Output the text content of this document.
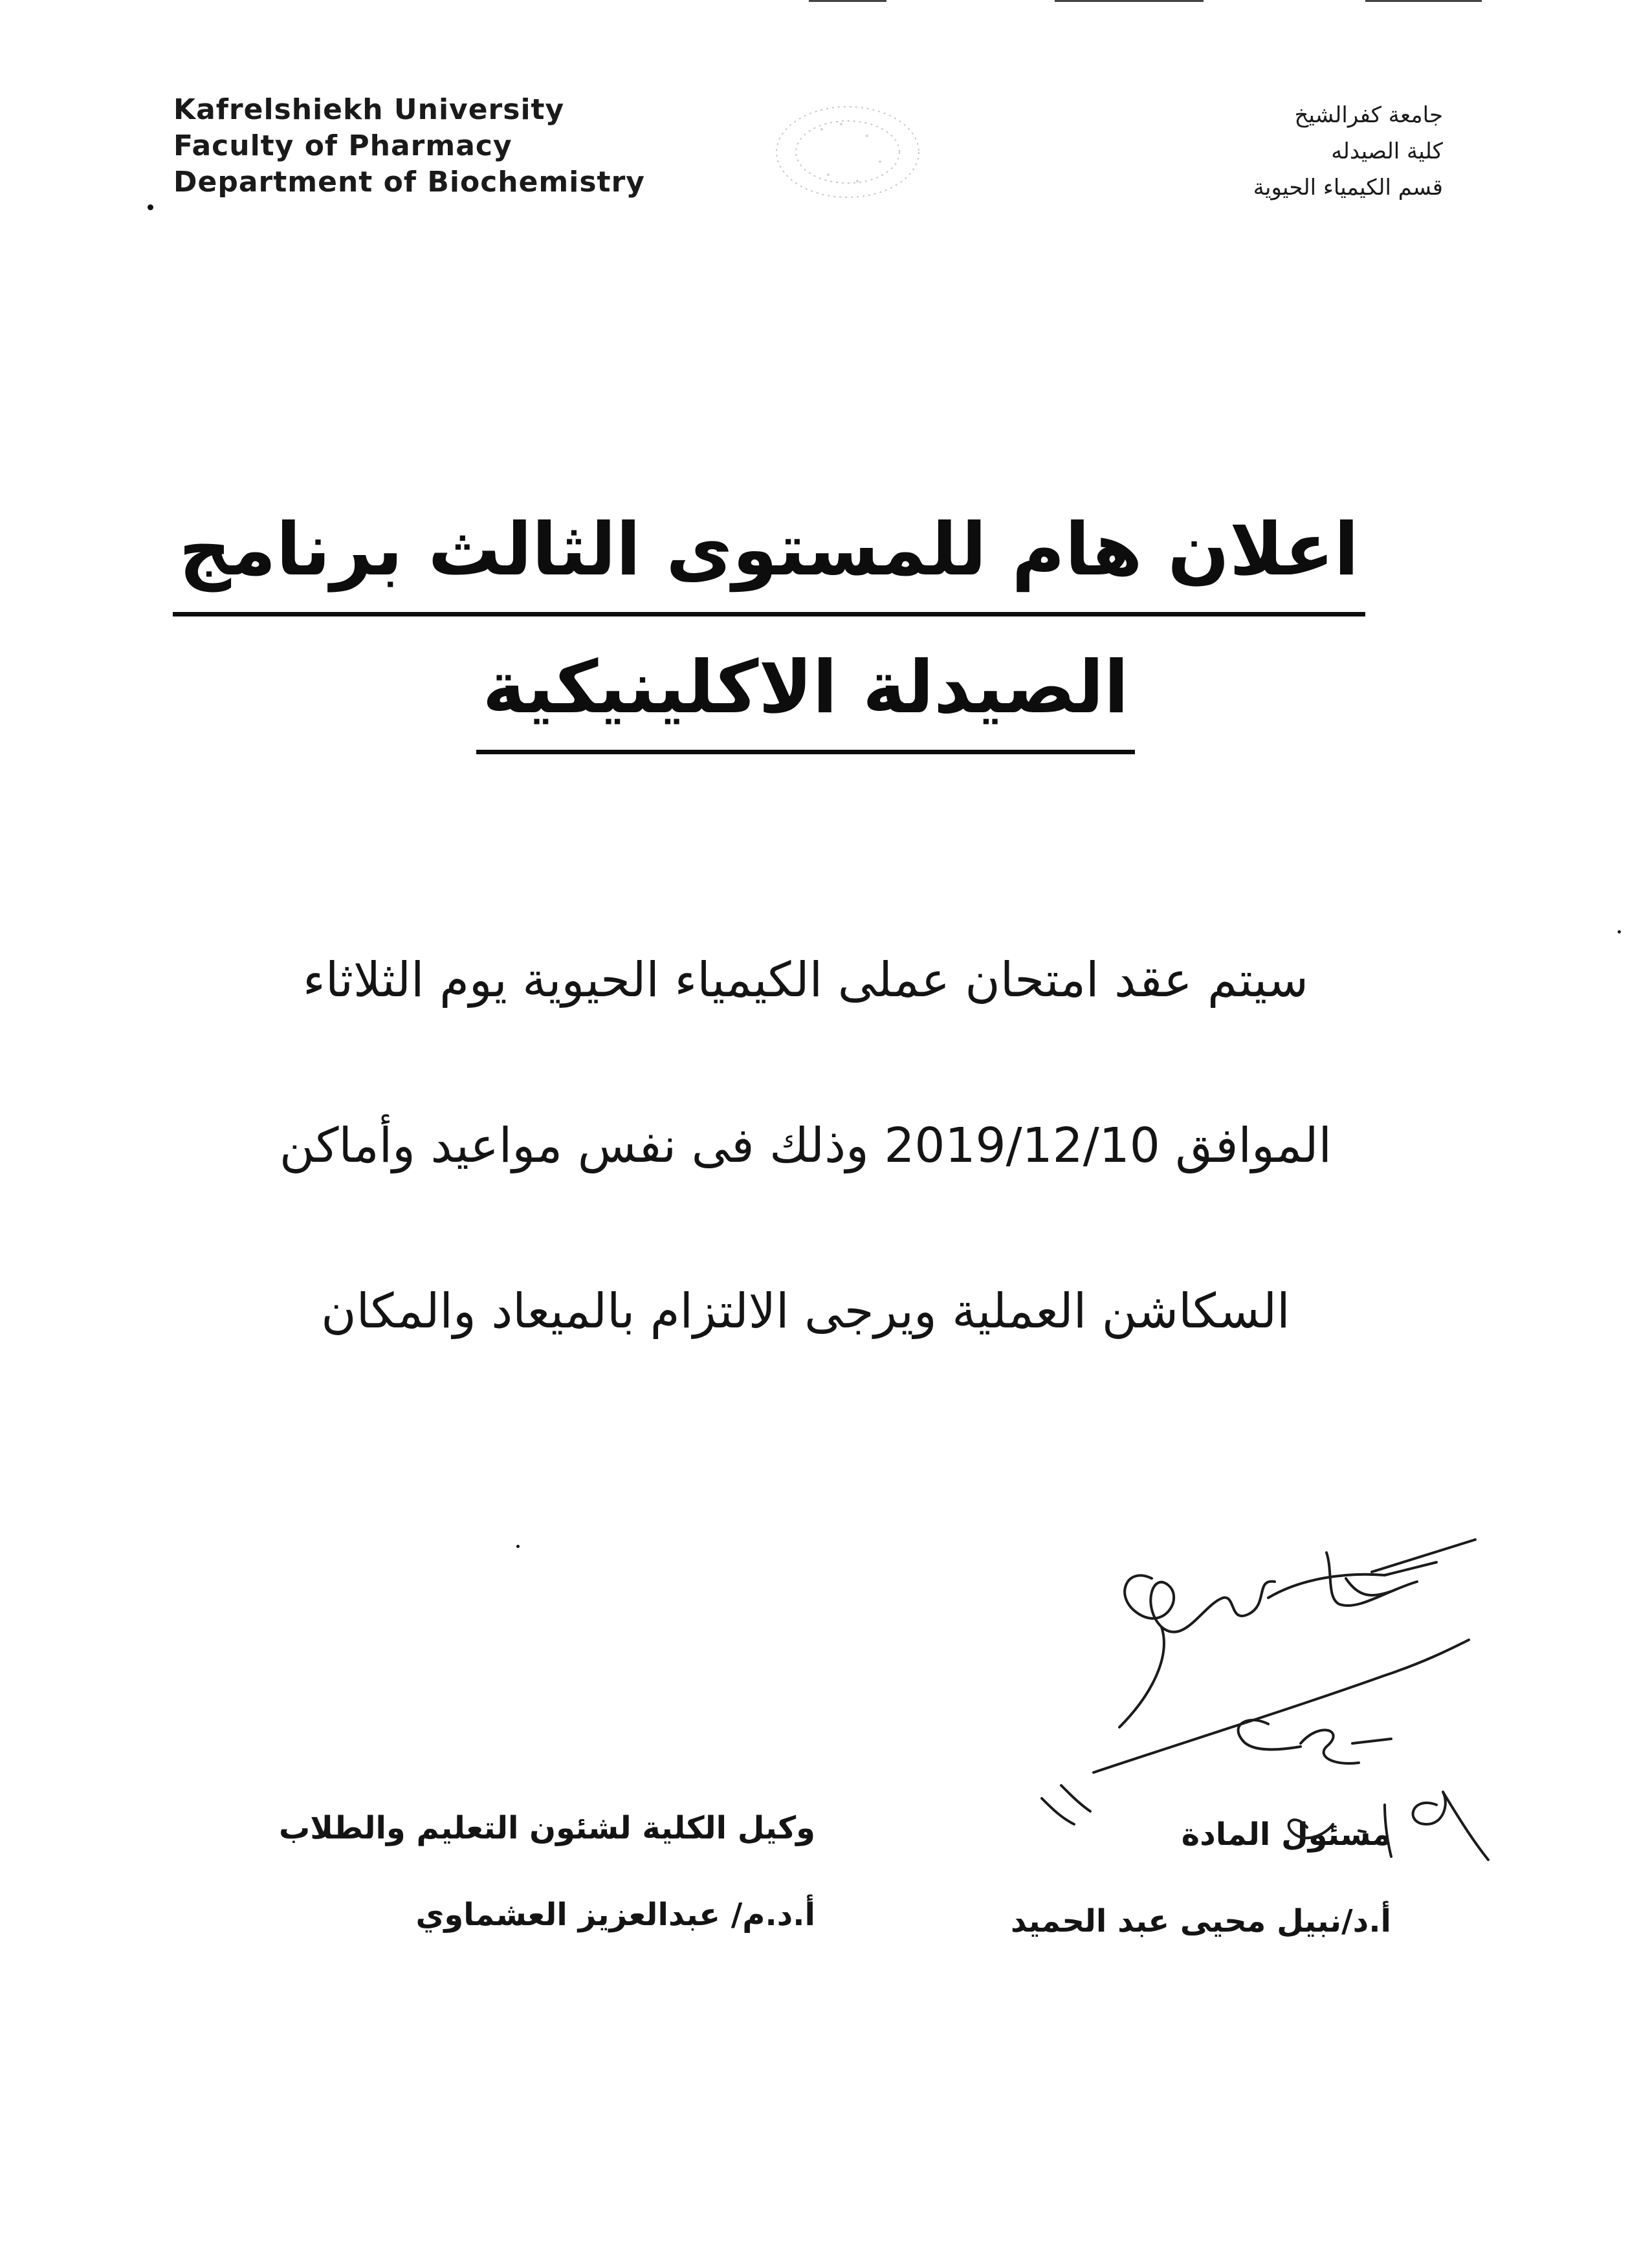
Kafrelshiekh University
Faculty of Pharmacy
Department of Biochemistry
جامعة كفرالشيخ
كلية الصيدله
قسم الكيمياء الحيوية
اعلان هام للمستوى الثالث برنامج
الصيدلة الاكلينيكية
سيتم عقد امتحان عملى الكيمياء الحيوية يوم الثلاثاء
الموافق 2019/12/10 وذلك فى نفس مواعيد وأماكن
السكاشن العملية ويرجى الالتزام بالميعاد والمكان
مسئول المادة
أ.د/نبيل محيى عبد الحميد
وكيل الكلية لشئون التعليم والطلاب
أ.د.م/ عبدالعزيز العشماوي
